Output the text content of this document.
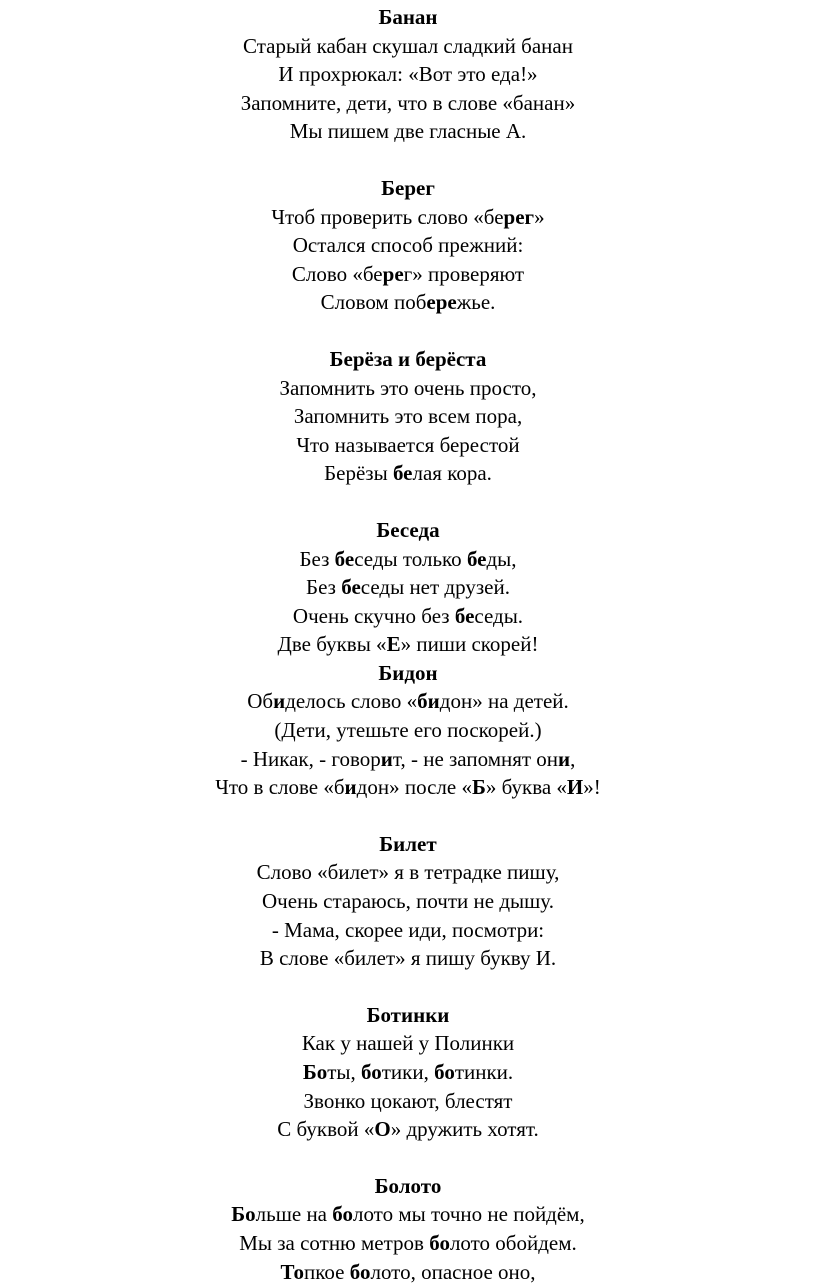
Банан
Старый кабан скушал сладкий банан
И прохрюкал: «Вот это еда!»
Запомните, дети, что в слове «банан»
Мы пишем две гласные А.
Берег
Чтоб проверить слово «берег»
Остался способ прежний:
Слово «берег» проверяют
Словом побережье.
Берёза и берёста
Запомнить это очень просто,
Запомнить это всем пора,
Что называется берестой
Берёзы белая кора.
Беседа
Без беседы только беды,
Без беседы нет друзей.
Очень скучно без беседы.
Две буквы «Е» пиши скорей!
Бидон
Обиделось слово «бидон» на детей.
(Дети, утешьте его поскорей.)
- Никак, - говорит, - не запомнят они,
Что в слове «бидон» после «Б» буква «И»!
Билет
Слово «билет» я в тетрадке пишу,
Очень стараюсь, почти не дышу.
- Мама, скорее иди, посмотри:
В слове «билет» я пишу букву И.
Ботинки
Как у нашей у Полинки
Боты, ботики, ботинки.
Звонко цокают, блестят
С буквой «О» дружить хотят.
Болото
Больше на болото мы точно не пойдём,
Мы за сотню метров болото обойдем.
Топкое болото, опасное оно,
